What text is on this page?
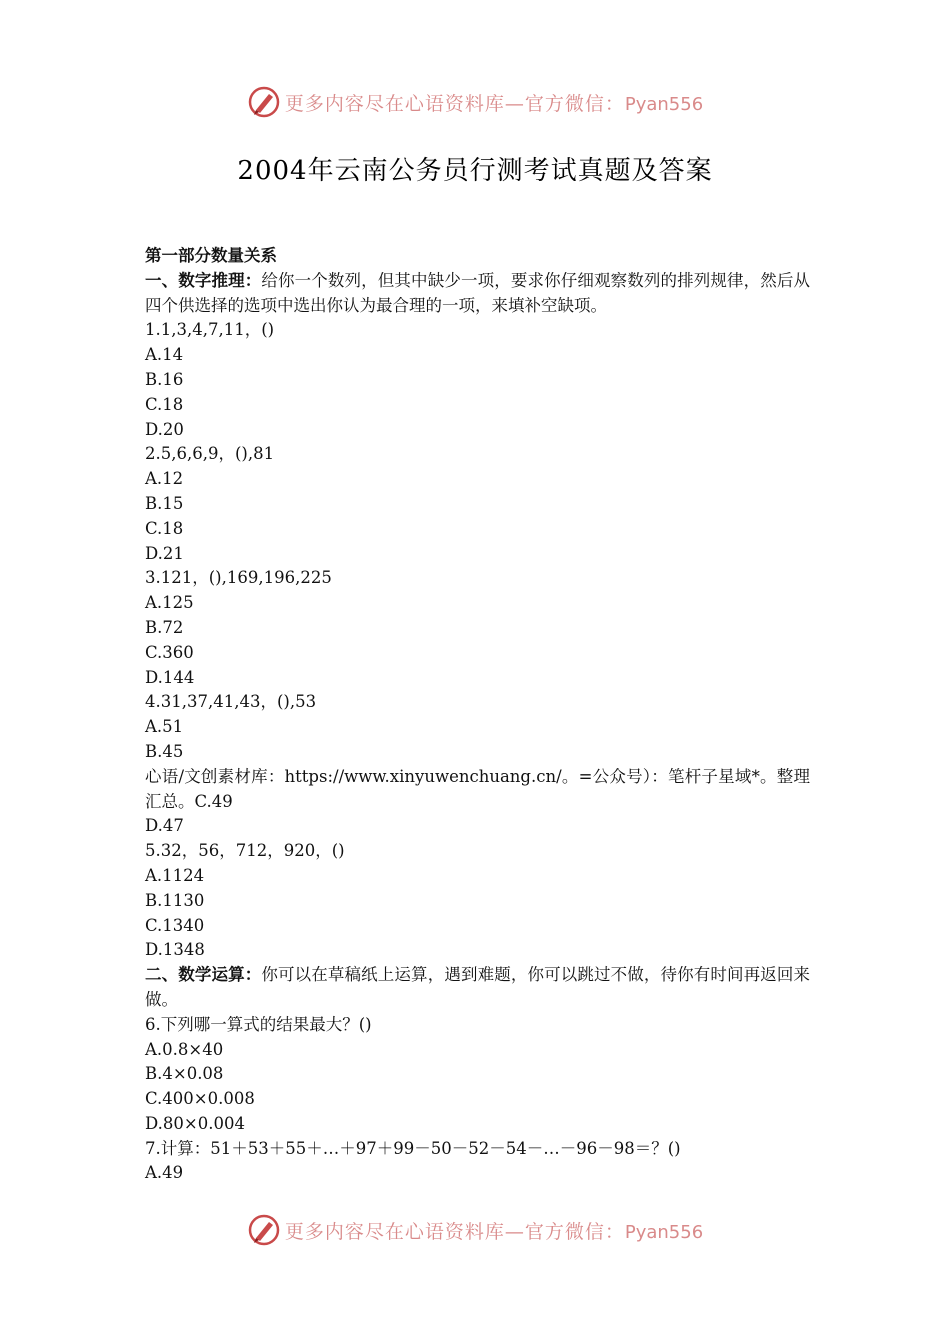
更多内容尽在心语资料库—官方微信：Pyan556
2004年云南公务员行测考试真题及答案
第一部分数量关系
一、数字推理：给你一个数列，但其中缺少一项，要求你仔细观察数列的排列规律，然后从四个供选择的选项中选出你认为最合理的一项，来填补空缺项。
1.1,3,4,7,11，()
A.14
B.16
C.18
D.20
2.5,6,6,9，(),81
A.12
B.15
C.18
D.21
3.121，(),169,196,225
A.125
B.72
C.360
D.144
4.31,37,41,43，(),53
A.51
B.45
心语/文创素材库：https://www.xinyuwenchuang.cn/。=公众号）：笔杆子星域*。整理汇总。C.49
D.47
5.32，56，712，920，()
A.1124
B.1130
C.1340
D.1348
二、数学运算：你可以在草稿纸上运算，遇到难题，你可以跳过不做，待你有时间再返回来做。
6.下列哪一算式的结果最大？()
A.0.8×40
B.4×0.08
C.400×0.008
D.80×0.004
7.计算：51＋53＋55＋…＋97＋99－50－52－54－…－96－98＝？()
A.49
更多内容尽在心语资料库—官方微信：Pyan556
